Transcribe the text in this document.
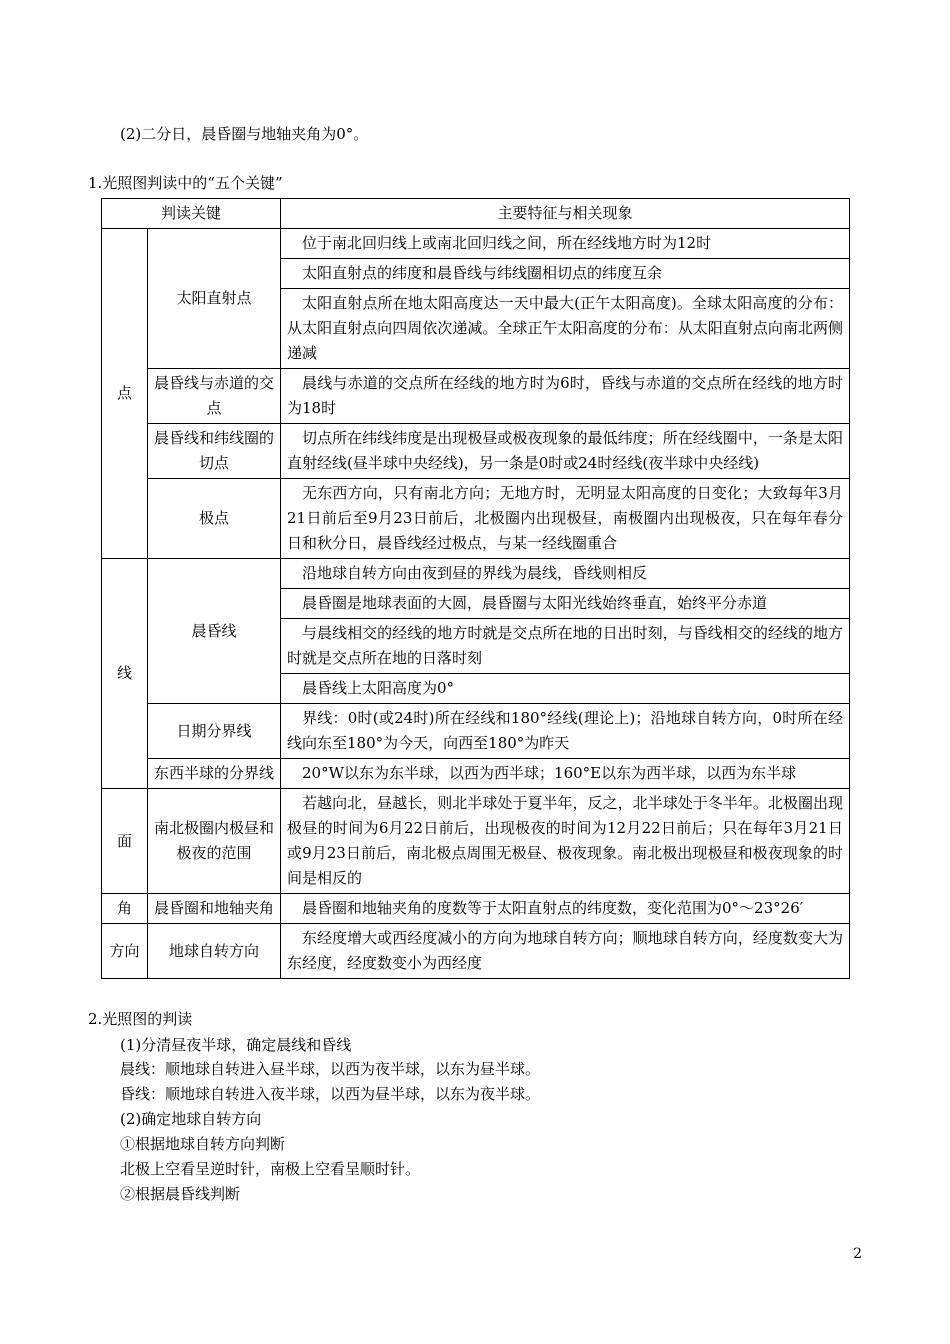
(2)二分日，晨昏圈与地轴夹角为0°。
1.光照图判读中的“五个关键”
判读关键		主要特征与相关现象
点	太阳直射点	位于南北回归线上或南北回归线之间，所在经线地方时为12时
		太阳直射点的纬度和晨昏线与纬线圈相切点的纬度互余
		太阳直射点所在地太阳高度达一天中最大(正午太阳高度)。全球太阳高度的分布：从太阳直射点向四周依次递减。全球正午太阳高度的分布：从太阳直射点向南北两侧递减
	晨昏线与赤道的交点	晨线与赤道的交点所在经线的地方时为6时，昏线与赤道的交点所在经线的地方时为18时
	晨昏线和纬线圈的切点	切点所在纬线纬度是出现极昼或极夜现象的最低纬度；所在经线圈中，一条是太阳直射经线(昼半球中央经线)，另一条是0时或24时经线(夜半球中央经线)
	极点	无东西方向，只有南北方向；无地方时，无明显太阳高度的日变化；大致每年3月21日前后至9月23日前后，北极圈内出现极昼，南极圈内出现极夜，只在每年春分日和秋分日，晨昏线经过极点，与某一经线圈重合
线	晨昏线	沿地球自转方向由夜到昼的界线为晨线，昏线则相反
		晨昏圈是地球表面的大圆，晨昏圈与太阳光线始终垂直，始终平分赤道
		与晨线相交的经线的地方时就是交点所在地的日出时刻，与昏线相交的经线的地方时就是交点所在地的日落时刻
		晨昏线上太阳高度为0°
	日期分界线	界线：0时(或24时)所在经线和180°经线(理论上)；沿地球自转方向，0时所在经线向东至180°为今天，向西至180°为昨天
	东西半球的分界线	20°W以东为东半球，以西为西半球；160°E以东为西半球，以西为东半球
面	南北极圈内极昼和极夜的范围	若越向北，昼越长，则北半球处于夏半年，反之，北半球处于冬半年。北极圈出现极昼的时间为6月22日前后，出现极夜的时间为12月22日前后；只在每年3月21日或9月23日前后，南北极点周围无极昼、极夜现象。南北极出现极昼和极夜现象的时间是相反的
角	晨昏圈和地轴夹角	晨昏圈和地轴夹角的度数等于太阳直射点的纬度数，变化范围为0°～23°26′
方向	地球自转方向	东经度增大或西经度减小的方向为地球自转方向；顺地球自转方向，经度数变大为东经度，经度数变小为西经度
2.光照图的判读
(1)分清昼夜半球，确定晨线和昏线
晨线：顺地球自转进入昼半球，以西为夜半球，以东为昼半球。
昏线：顺地球自转进入夜半球，以西为昼半球，以东为夜半球。
(2)确定地球自转方向
①根据地球自转方向判断
北极上空看呈逆时针，南极上空看呈顺时针。
②根据晨昏线判断
2
